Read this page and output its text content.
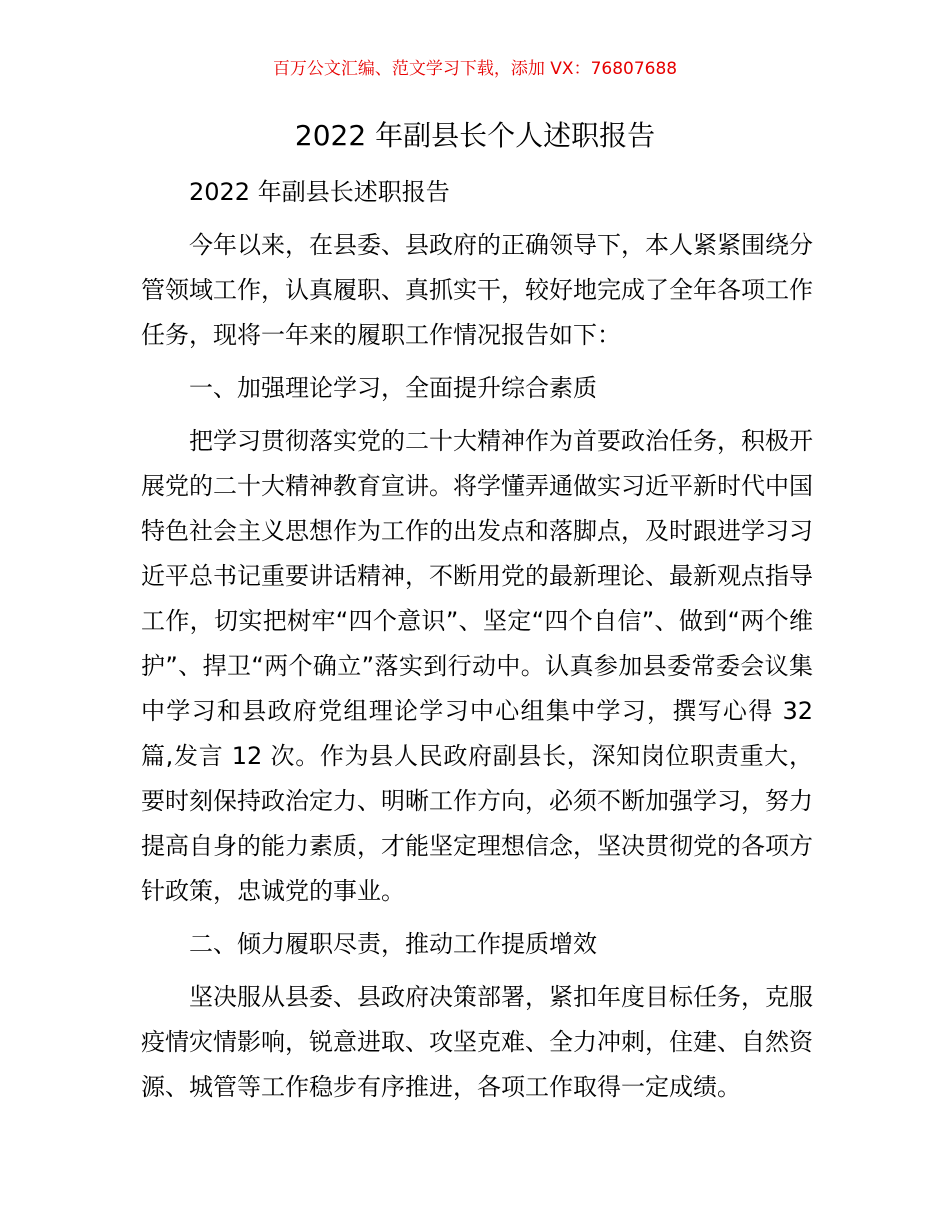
百万公文汇编、范文学习下载，添加 VX：76807688
2022 年副县长个人述职报告

2022 年副县长述职报告

今年以来，在县委、县政府的正确领导下，本人紧紧围绕分管领域工作，认真履职、真抓实干，较好地完成了全年各项工作任务，现将一年来的履职工作情况报告如下：

一、加强理论学习，全面提升综合素质

把学习贯彻落实党的二十大精神作为首要政治任务，积极开展党的二十大精神教育宣讲。将学懂弄通做实习近平新时代中国特色社会主义思想作为工作的出发点和落脚点，及时跟进学习习近平总书记重要讲话精神，不断用党的最新理论、最新观点指导工作，切实把树牢“四个意识”、坚定“四个自信”、做到“两个维护”、捍卫“两个确立”落实到行动中。认真参加县委常委会议集中学习和县政府党组理论学习中心组集中学习，撰写心得 32 篇,发言 12 次。作为县人民政府副县长，深知岗位职责重大，要时刻保持政治定力、明晰工作方向，必须不断加强学习，努力提高自身的能力素质，才能坚定理想信念，坚决贯彻党的各项方针政策，忠诚党的事业。

二、倾力履职尽责，推动工作提质增效

坚决服从县委、县政府决策部署，紧扣年度目标任务，克服疫情灾情影响，锐意进取、攻坚克难、全力冲刺，住建、自然资源、城管等工作稳步有序推进，各项工作取得一定成绩。
